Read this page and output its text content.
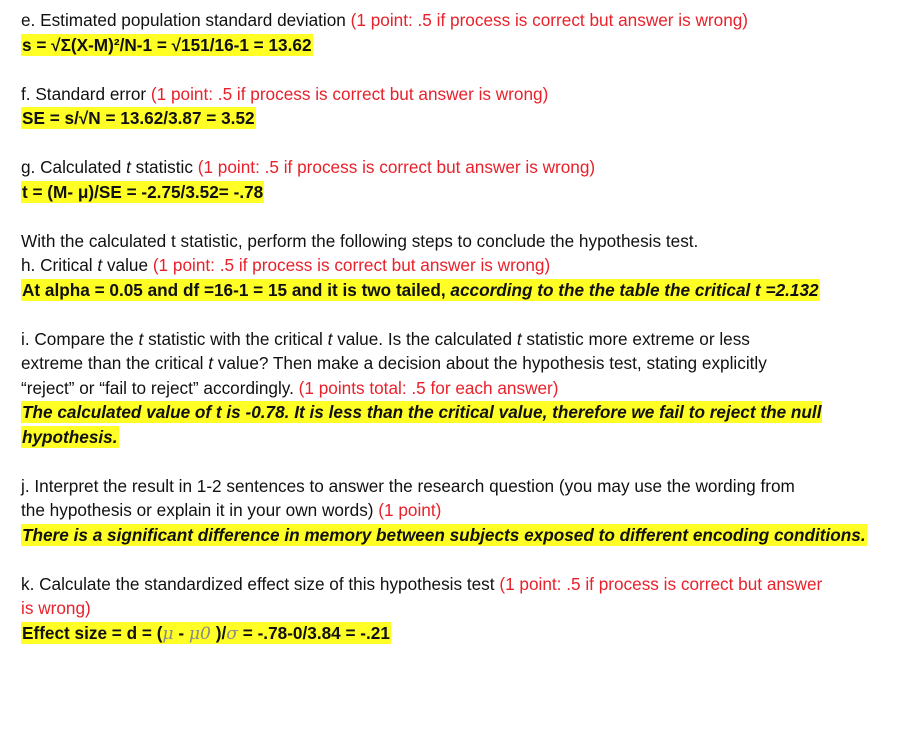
e. Estimated population standard deviation (1 point: .5 if process is correct but answer is wrong)
s = √Σ(X-M)²/N-1 = √151/16-1 = 13.62
f. Standard error (1 point: .5 if process is correct but answer is wrong)
SE = s/√N = 13.62/3.87 = 3.52
g. Calculated t statistic (1 point: .5 if process is correct but answer is wrong)
t = (M- μ)/SE = -2.75/3.52= -.78
With the calculated t statistic, perform the following steps to conclude the hypothesis test.
h. Critical t value (1 point: .5 if process is correct but answer is wrong)
At alpha = 0.05 and df =16-1 = 15 and it is two tailed, according to the the table the critical t =2.132
i. Compare the t statistic with the critical t value. Is the calculated t statistic more extreme or less
extreme than the critical t value? Then make a decision about the hypothesis test, stating explicitly
“reject” or “fail to reject” accordingly. (1 points total: .5 for each answer)
The calculated value of t is -0.78. It is less than the critical value, therefore we fail to reject the null
hypothesis.
j. Interpret the result in 1-2 sentences to answer the research question (you may use the wording from
the hypothesis or explain it in your own words) (1 point)
There is a significant difference in memory between subjects exposed to different encoding conditions.
k. Calculate the standardized effect size of this hypothesis test (1 point: .5 if process is correct but answer
is wrong)
Effect size = d = (μ - μ0 )/σ = -.78-0/3.84 = -.21
